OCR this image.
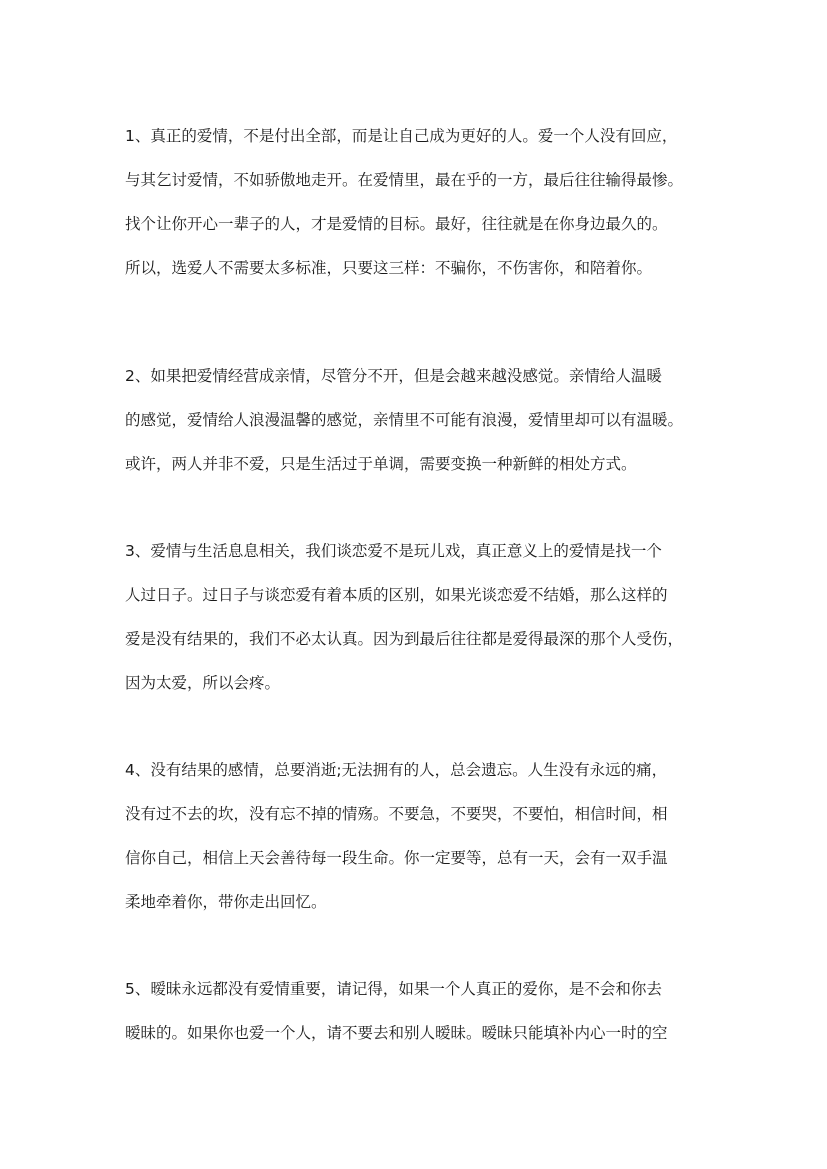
1、真正的爱情，不是付出全部，而是让自己成为更好的人。爱一个人没有回应，
与其乞讨爱情，不如骄傲地走开。在爱情里，最在乎的一方，最后往往输得最惨。
找个让你开心一辈子的人，才是爱情的目标。最好，往往就是在你身边最久的。
所以，选爱人不需要太多标准，只要这三样：不骗你，不伤害你，和陪着你。
2、如果把爱情经营成亲情，尽管分不开，但是会越来越没感觉。亲情给人温暖
的感觉，爱情给人浪漫温馨的感觉，亲情里不可能有浪漫，爱情里却可以有温暖。
或许，两人并非不爱，只是生活过于单调，需要变换一种新鲜的相处方式。
3、爱情与生活息息相关，我们谈恋爱不是玩儿戏，真正意义上的爱情是找一个
人过日子。过日子与谈恋爱有着本质的区别，如果光谈恋爱不结婚，那么这样的
爱是没有结果的，我们不必太认真。因为到最后往往都是爱得最深的那个人受伤，
因为太爱，所以会疼。
4、没有结果的感情，总要消逝;无法拥有的人，总会遗忘。人生没有永远的痛，
没有过不去的坎，没有忘不掉的情殇。不要急，不要哭，不要怕，相信时间，相
信你自己，相信上天会善待每一段生命。你一定要等，总有一天，会有一双手温
柔地牵着你，带你走出回忆。
5、暧昧永远都没有爱情重要，请记得，如果一个人真正的爱你，是不会和你去
暧昧的。如果你也爱一个人，请不要去和别人暧昧。暧昧只能填补内心一时的空
